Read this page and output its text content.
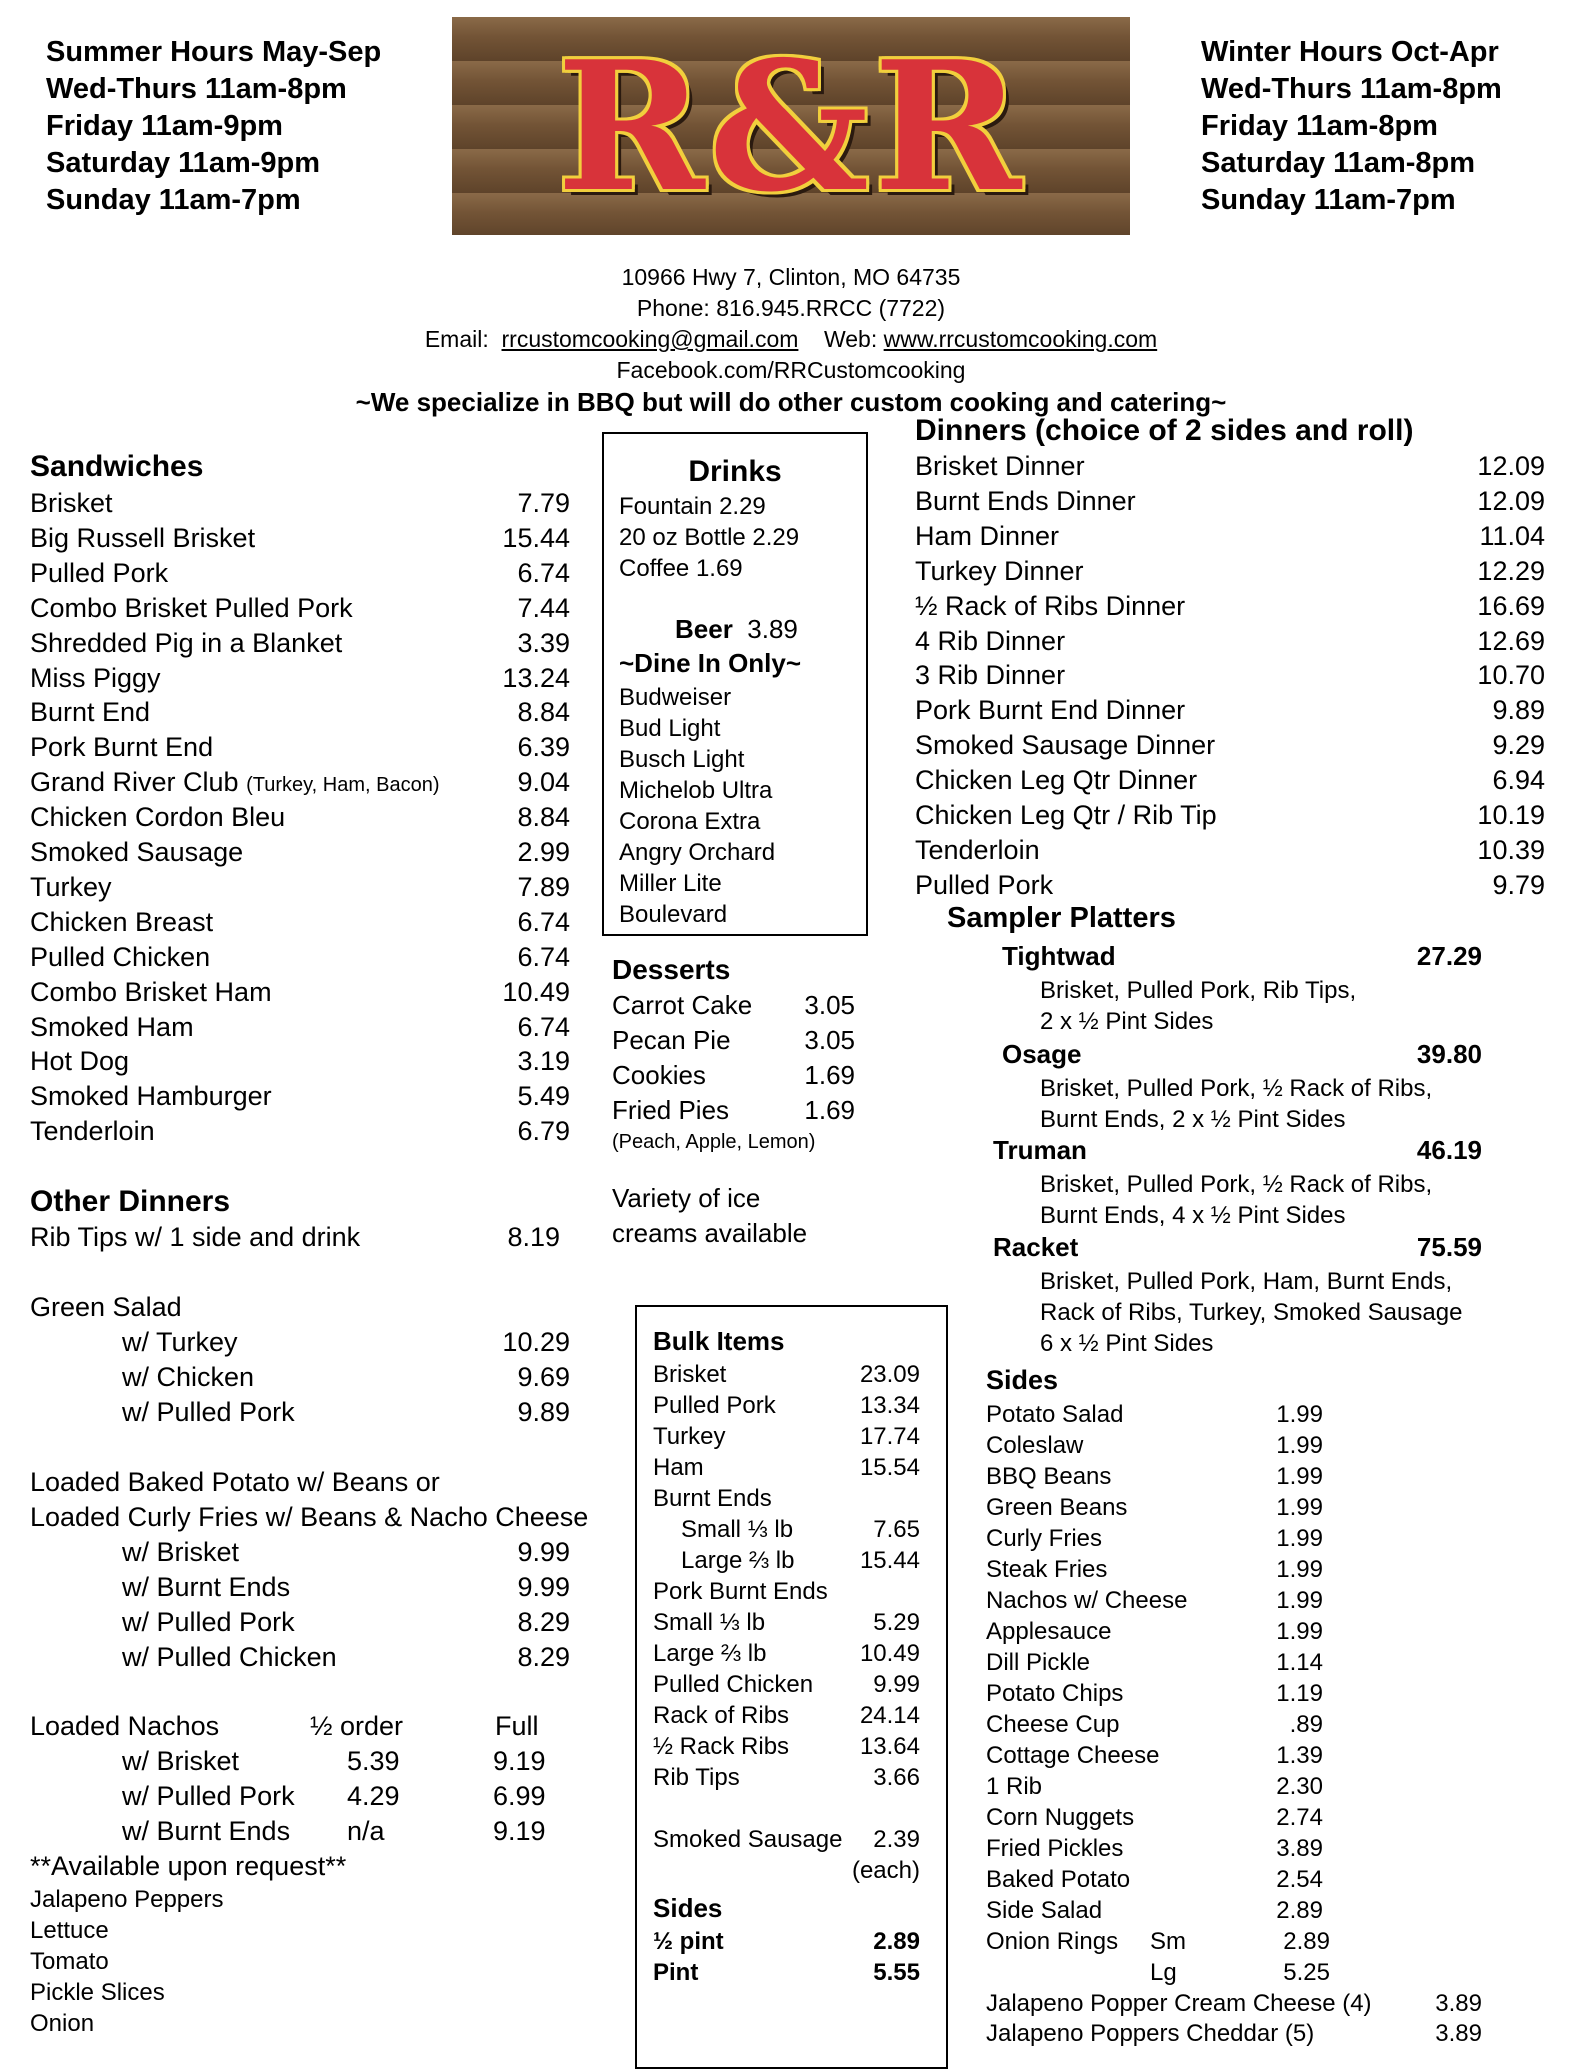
Summer Hours May-Sep
Wed-Thurs 11am-8pm
Friday 11am-9pm
Saturday 11am-9pm
Sunday 11am-7pm
Winter Hours Oct-Apr
Wed-Thurs 11am-8pm
Friday 11am-8pm
Saturday 11am-8pm
Sunday 11am-7pm
R&R
10966 Hwy 7, Clinton, MO 64735
Phone: 816.945.RRCC (7722)
Email: rrcustomcooking@gmail.com Web: www.rrcustomcooking.com
Facebook.com/RRCustomcooking
~We specialize in BBQ but will do other custom cooking and catering~
Sandwiches
Brisket	7.79
Big Russell Brisket	15.44
Pulled Pork	6.74
Combo Brisket Pulled Pork	7.44
Shredded Pig in a Blanket	3.39
Miss Piggy	13.24
Burnt End	8.84
Pork Burnt End	6.39
Grand River Club (Turkey, Ham, Bacon)	9.04
Chicken Cordon Bleu	8.84
Smoked Sausage	2.99
Turkey	7.89
Chicken Breast	6.74
Pulled Chicken	6.74
Combo Brisket Ham	10.49
Smoked Ham	6.74
Hot Dog	3.19
Smoked Hamburger	5.49
Tenderloin	6.79
Other Dinners
Rib Tips w/ 1 side and drink	8.19
Green Salad
w/ Turkey	10.29
w/ Chicken	9.69
w/ Pulled Pork	9.89
Loaded Baked Potato w/ Beans or
Loaded Curly Fries w/ Beans & Nacho Cheese
w/ Brisket	9.99
w/ Burnt Ends	9.99
w/ Pulled Pork	8.29
w/ Pulled Chicken	8.29
Loaded Nachos	½ order	Full
w/ Brisket	5.39	9.19
w/ Pulled Pork 4.29	6.99
w/ Burnt Ends n/a	9.19
**Available upon request**
Jalapeno Peppers
Lettuce
Tomato
Pickle Slices
Onion
Drinks
Fountain 2.29
20 oz Bottle 2.29
Coffee 1.69
Beer 3.89
~Dine In Only~
Budweiser
Bud Light
Busch Light
Michelob Ultra
Corona Extra
Angry Orchard
Miller Lite
Boulevard
Desserts
Carrot Cake	3.05
Pecan Pie	3.05
Cookies	1.69
Fried Pies	1.69
(Peach, Apple, Lemon)
Variety of ice
creams available
Bulk Items
Brisket	23.09
Pulled Pork	13.34
Turkey	17.74
Ham	15.54
Burnt Ends
Small ⅓ lb	7.65
Large ⅔ lb	15.44
Pork Burnt Ends
Small ⅓ lb	5.29
Large ⅔ lb	10.49
Pulled Chicken	9.99
Rack of Ribs	24.14
½ Rack Ribs	13.64
Rib Tips	3.66
Smoked Sausage	2.39
(each)
Sides
½ pint	2.89
Pint	5.55
Dinners (choice of 2 sides and roll)
Brisket Dinner	12.09
Burnt Ends Dinner	12.09
Ham Dinner	11.04
Turkey Dinner	12.29
½ Rack of Ribs Dinner	16.69
4 Rib Dinner	12.69
3 Rib Dinner	10.70
Pork Burnt End Dinner	9.89
Smoked Sausage Dinner	9.29
Chicken Leg Qtr Dinner	6.94
Chicken Leg Qtr / Rib Tip	10.19
Tenderloin	10.39
Pulled Pork	9.79
Sampler Platters
Tightwad	27.29
Brisket, Pulled Pork, Rib Tips,
2 x ½ Pint Sides
Osage	39.80
Brisket, Pulled Pork, ½ Rack of Ribs,
Burnt Ends, 2 x ½ Pint Sides
Truman	46.19
Brisket, Pulled Pork, ½ Rack of Ribs,
Burnt Ends, 4 x ½ Pint Sides
Racket	75.59
Brisket, Pulled Pork, Ham, Burnt Ends,
Rack of Ribs, Turkey, Smoked Sausage
6 x ½ Pint Sides
Sides
Potato Salad	1.99
Coleslaw	1.99
BBQ Beans	1.99
Green Beans	1.99
Curly Fries	1.99
Steak Fries	1.99
Nachos w/ Cheese	1.99
Applesauce	1.99
Dill Pickle	1.14
Potato Chips	1.19
Cheese Cup	.89
Cottage Cheese	1.39
1 Rib	2.30
Corn Nuggets	2.74
Fried Pickles	3.89
Baked Potato	2.54
Side Salad	2.89
Onion Rings Sm	2.89
Lg	5.25
Jalapeno Popper Cream Cheese (4)	3.89
Jalapeno Poppers Cheddar (5)	3.89
